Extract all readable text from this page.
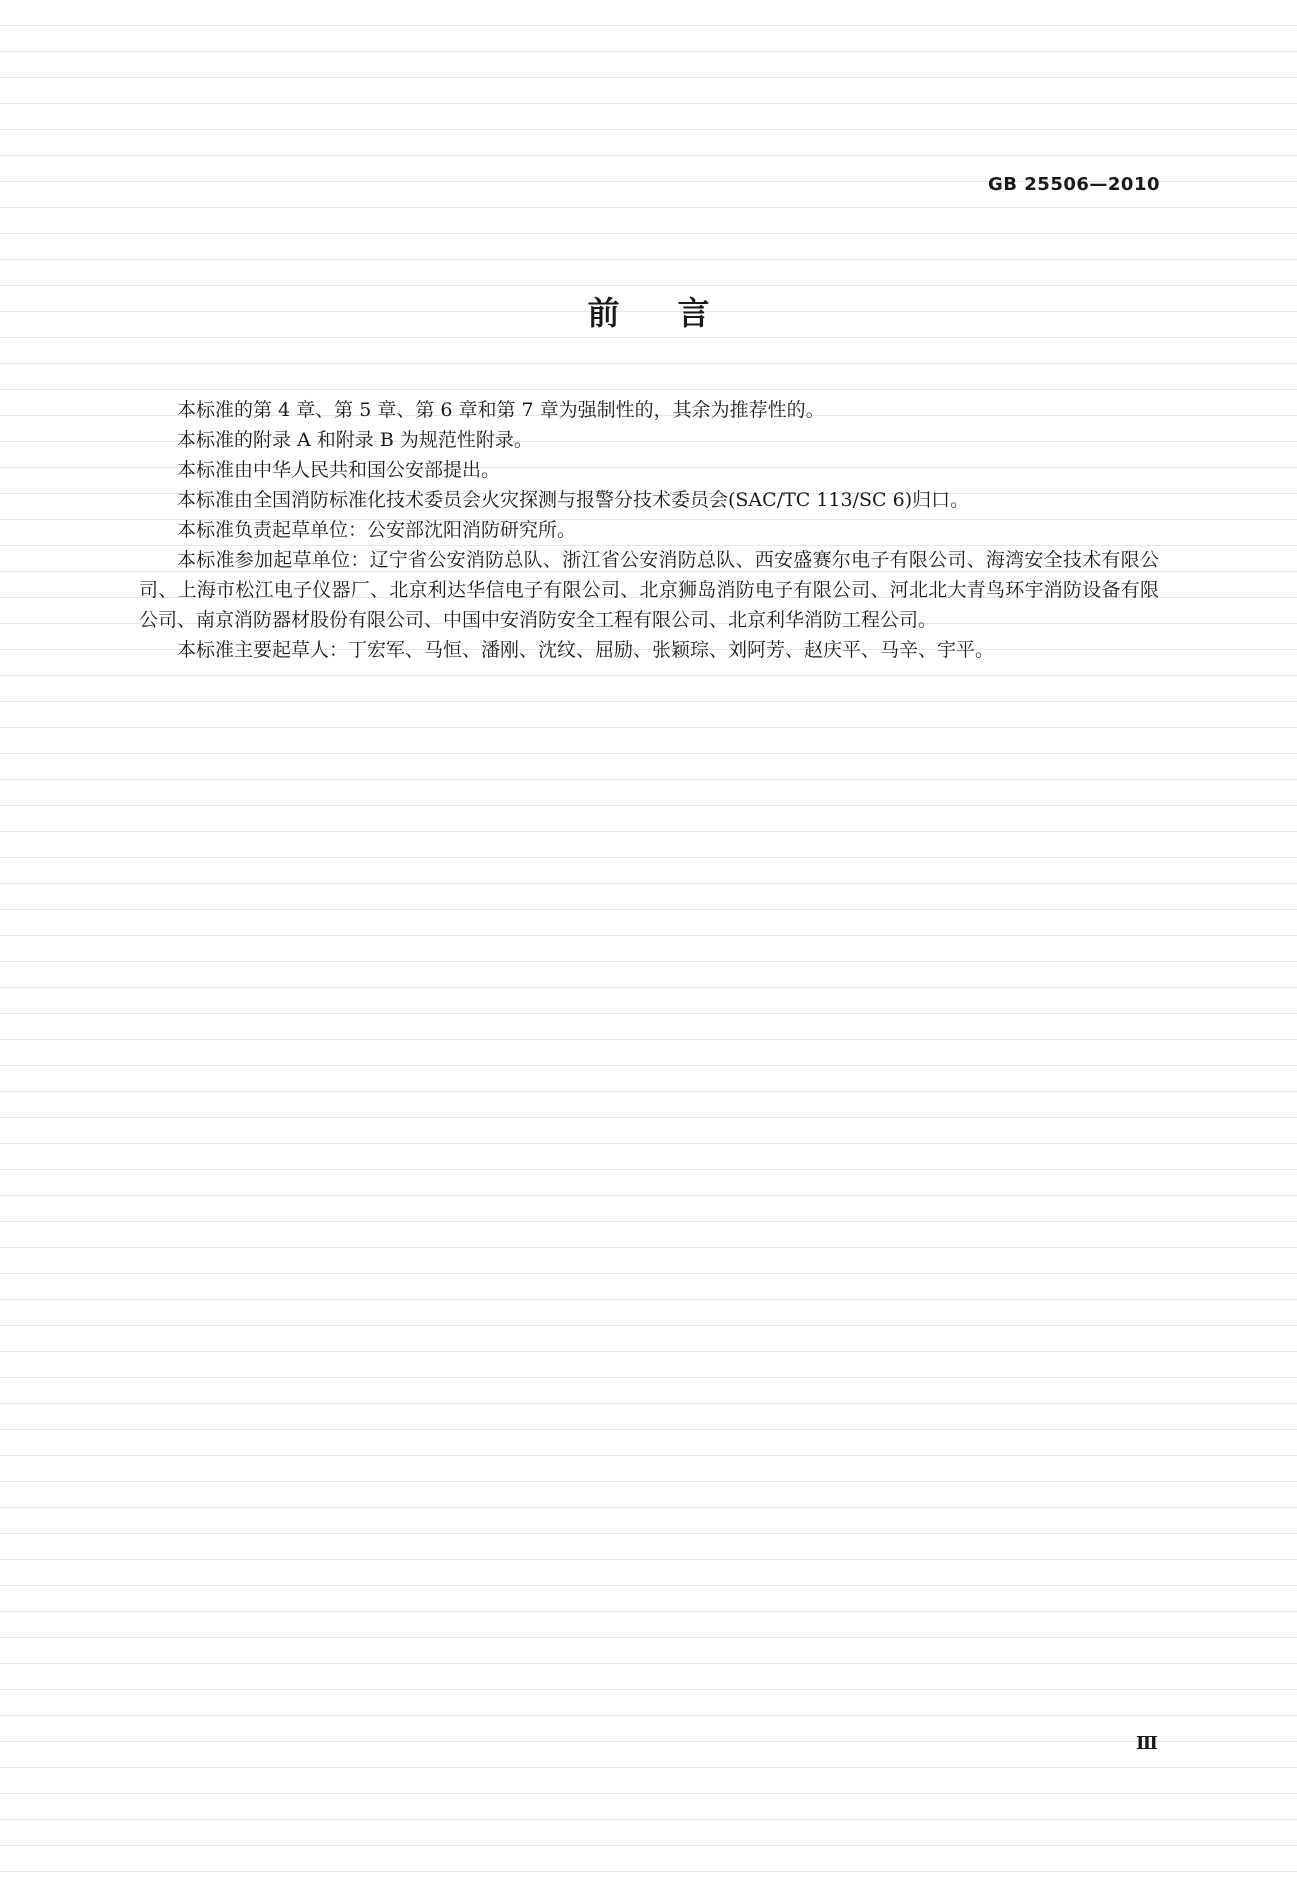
GB 25506—2010
前言

本标准的第 4 章、第 5 章、第 6 章和第 7 章为强制性的，其余为推荐性的。

本标准的附录 A 和附录 B 为规范性附录。

本标准由中华人民共和国公安部提出。

本标准由全国消防标准化技术委员会火灾探测与报警分技术委员会(SAC/TC 113/SC 6)归口。

本标准负责起草单位：公安部沈阳消防研究所。

本标准参加起草单位：辽宁省公安消防总队、浙江省公安消防总队、西安盛赛尔电子有限公司、海湾安全技术有限公司、上海市松江电子仪器厂、北京利达华信电子有限公司、北京狮岛消防电子有限公司、河北北大青鸟环宇消防设备有限公司、南京消防器材股份有限公司、中国中安消防安全工程有限公司、北京利华消防工程公司。

本标准主要起草人：丁宏军、马恒、潘刚、沈纹、屈励、张颖琮、刘阿芳、赵庆平、马辛、宇平。

Ⅲ
